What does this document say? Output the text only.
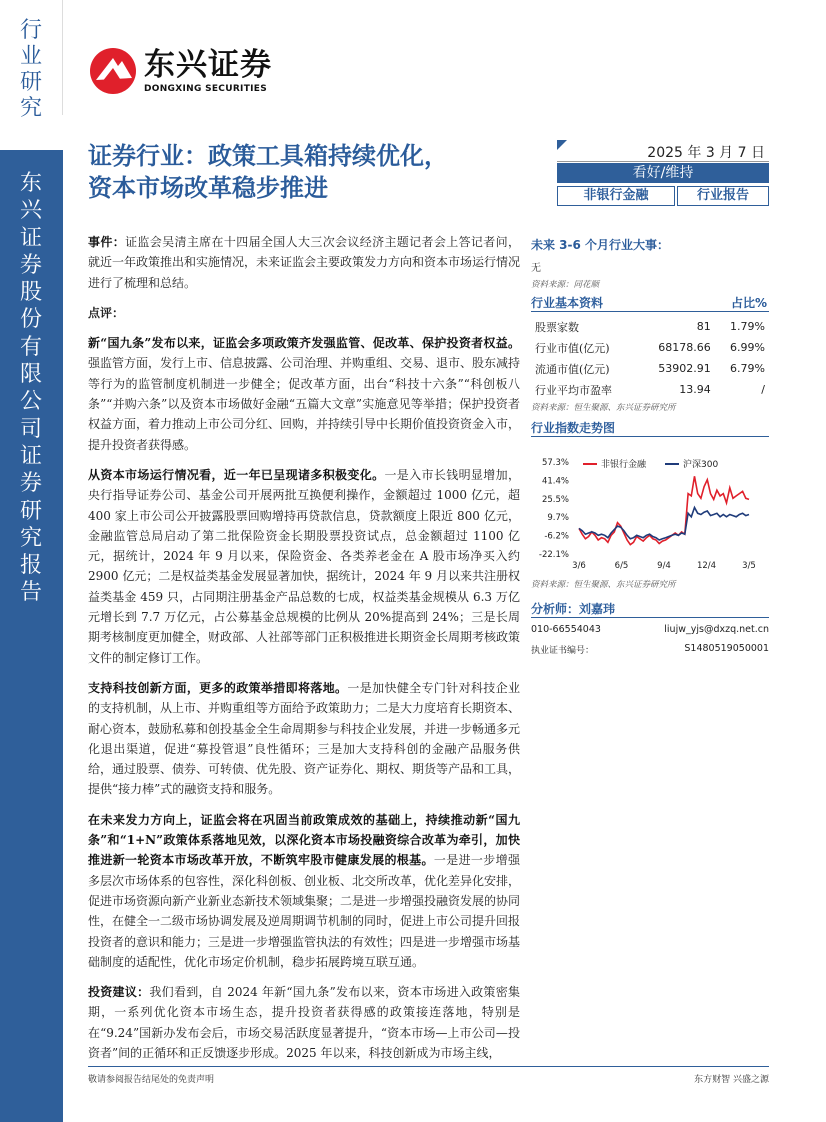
行业研究
东兴证券股份有限公司证券研究报告
东兴证券
DONGXING SECURITIES
证券行业：政策工具箱持续优化，
资本市场改革稳步推进
2025 年 3 月 7 日
看好/维持
非银行金融	行业报告

事件：证监会吴清主席在十四届全国人大三次会议经济主题记者会上答记者问，就近一年政策推出和实施情况，未来证监会主要政策发力方向和资本市场运行情况进行了梳理和总结。

点评：

新“国九条”发布以来，证监会多项政策齐发强监管、促改革、保护投资者权益。强监管方面，发行上市、信息披露、公司治理、并购重组、交易、退市、股东减持等行为的监管制度机制进一步健全；促改革方面，出台“科技十六条”“科创板八条”“并购六条”以及资本市场做好金融“五篇大文章”实施意见等举措；保护投资者权益方面，着力推动上市公司分红、回购，并持续引导中长期价值投资资金入市，提升投资者获得感。

从资本市场运行情况看，近一年已呈现诸多积极变化。一是入市长钱明显增加，央行指导证券公司、基金公司开展两批互换便利操作，金额超过 1000 亿元，超 400 家上市公司公开披露股票回购增持再贷款信息，贷款额度上限近 800 亿元，金融监管总局启动了第二批保险资金长期股票投资试点，总金额超过 1100 亿元，据统计，2024 年 9 月以来，保险资金、各类养老金在 A 股市场净买入约 2900 亿元；二是权益类基金发展显著加快，据统计，2024 年 9 月以来共注册权益类基金 459 只，占同期注册基金产品总数的七成，权益类基金规模从 6.3 万亿元增长到 7.7 万亿元，占公募基金总规模的比例从 20%提高到 24%；三是长周期考核制度更加健全，财政部、人社部等部门正积极推进长期资金长周期考核政策文件的制定修订工作。

支持科技创新方面，更多的政策举措即将落地。一是加快健全专门针对科技企业的支持机制，从上市、并购重组等方面给予政策助力；二是大力度培育长期资本、耐心资本，鼓励私募和创投基金全生命周期参与科技企业发展，并进一步畅通多元化退出渠道，促进“募投管退”良性循环；三是加大支持科创的金融产品服务供给，通过股票、债券、可转债、优先股、资产证券化、期权、期货等产品和工具，提供“接力棒”式的融资支持和服务。

在未来发力方向上，证监会将在巩固当前政策成效的基础上，持续推动新“国九条”和“1+N”政策体系落地见效，以深化资本市场投融资综合改革为牵引，加快推进新一轮资本市场改革开放，不断筑牢股市健康发展的根基。一是进一步增强多层次市场体系的包容性，深化科创板、创业板、北交所改革，优化差异化安排，促进市场资源向新产业新业态新技术领域集聚；二是进一步增强投融资发展的协同性，在健全一二级市场协调发展及逆周期调节机制的同时，促进上市公司提升回报投资者的意识和能力；三是进一步增强监管执法的有效性；四是进一步增强市场基础制度的适配性，优化市场定价机制，稳步拓展跨境互联互通。

投资建议：我们看到，自 2024 年新“国九条”发布以来，资本市场进入政策密集期，一系列优化资本市场生态，提升投资者获得感的政策接连落地，特别是在“9.24”国新办发布会后，市场交易活跃度显著提升，“资本市场—上市公司—投资者”间的正循环和正反馈逐步形成。2025 年以来，科技创新成为市场主线，

未来 3-6 个月行业大事：
无
资料来源：同花顺
行业基本资料	占比%
股票家数	81	1.79%
行业市值(亿元)	68178.66	6.99%
流通市值(亿元)	53902.91	6.79%
行业平均市盈率	13.94	/
资料来源：恒生聚源、东兴证券研究所
行业指数走势图
57.3%
41.4%
25.5%
9.7%
-6.2%
-22.1%
3/6	6/5	9/4	12/4	3/5
非银行金融	沪深300
资料来源：恒生聚源、东兴证券研究所
分析师：刘嘉玮
010-66554043	liujw_yjs@dxzq.net.cn
执业证书编号：	S1480519050001
敬请参阅报告结尾处的免责声明	东方财智 兴盛之源
